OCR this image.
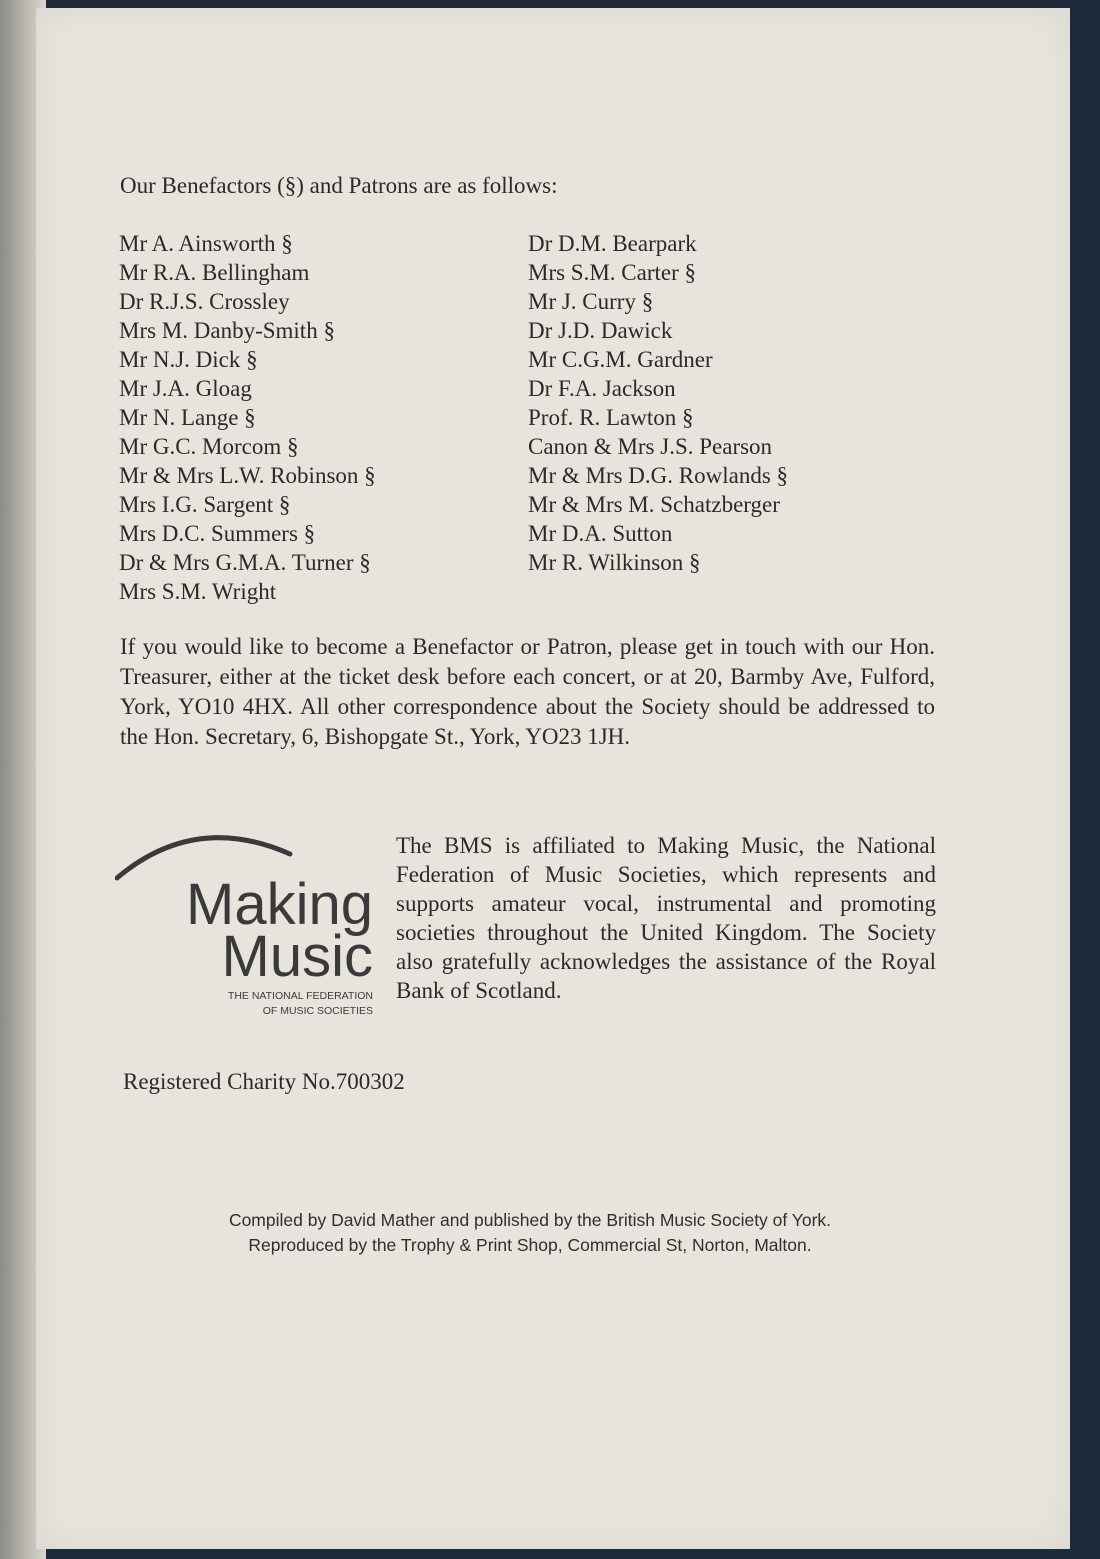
Our Benefactors (§) and Patrons are as follows:
Mr A. Ainsworth §
Mr R.A. Bellingham
Dr R.J.S. Crossley
Mrs M. Danby-Smith §
Mr N.J. Dick §
Mr J.A. Gloag
Mr N. Lange §
Mr G.C. Morcom §
Mr & Mrs L.W. Robinson §
Mrs I.G. Sargent §
Mrs D.C. Summers §
Dr & Mrs G.M.A. Turner §
Mrs S.M. Wright
Dr D.M. Bearpark
Mrs S.M. Carter §
Mr J. Curry §
Dr J.D. Dawick
Mr C.G.M. Gardner
Dr F.A. Jackson
Prof. R. Lawton §
Canon & Mrs J.S. Pearson
Mr & Mrs D.G. Rowlands §
Mr & Mrs M. Schatzberger
Mr D.A. Sutton
Mr R. Wilkinson §
If you would like to become a Benefactor or Patron, please get in touch with our Hon. Treasurer, either at the ticket desk before each concert, or at 20, Barmby Ave, Fulford, York, YO10 4HX. All other correspondence about the Society should be addressed to the Hon. Secretary, 6, Bishopgate St., York, YO23 1JH.
Making
Music
THE NATIONAL FEDERATION
OF MUSIC SOCIETIES
The BMS is affiliated to Making Music, the National Federation of Music Societies, which represents and supports amateur vocal, instrumental and promoting societies throughout the United Kingdom. The Society also gratefully acknowledges the assistance of the Royal Bank of Scotland.
Registered Charity No.700302
Compiled by David Mather and published by the British Music Society of York.
Reproduced by the Trophy & Print Shop, Commercial St, Norton, Malton.
